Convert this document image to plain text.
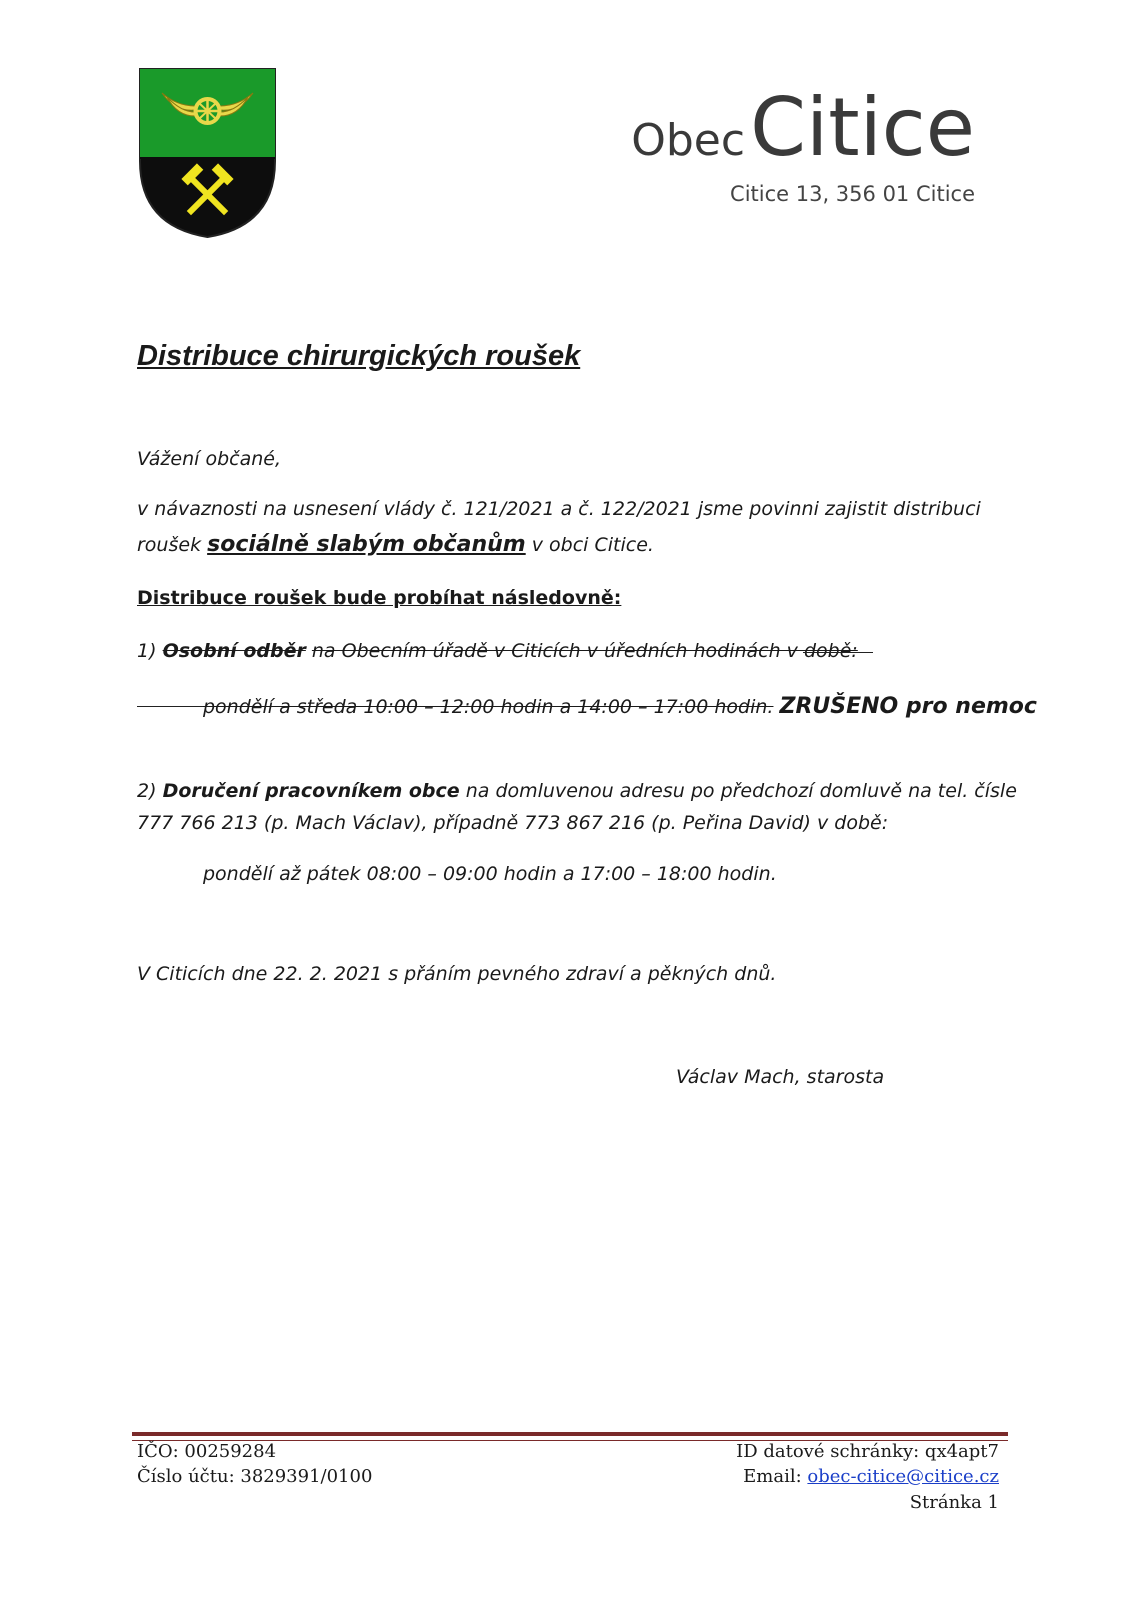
Obec Citice
Citice 13, 356 01 Citice
Distribuce chirurgických roušek
Vážení občané,
v návaznosti na usnesení vlády č. 121/2021 a č. 122/2021 jsme povinni zajistit distribuci
roušek sociálně slabým občanům v obci Citice.
Distribuce roušek bude probíhat následovně:
1) Osobní odběr na Obecním úřadě v Citicích v úředních hodinách v době:
pondělí a středa 10:00 – 12:00 hodin a 14:00 – 17:00 hodin. ZRUŠENO pro nemoc
2) Doručení pracovníkem obce na domluvenou adresu po předchozí domluvě na tel. čísle
777 766 213 (p. Mach Václav), případně 773 867 216 (p. Peřina David) v době:
pondělí až pátek 08:00 – 09:00 hodin a 17:00 – 18:00 hodin.
V Citicích dne 22. 2. 2021 s přáním pevného zdraví a pěkných dnů.
Václav Mach, starosta
IČO: 00259284
Číslo účtu: 3829391/0100
ID datové schránky: qx4apt7
Email: obec-citice@citice.cz
Stránka 1
